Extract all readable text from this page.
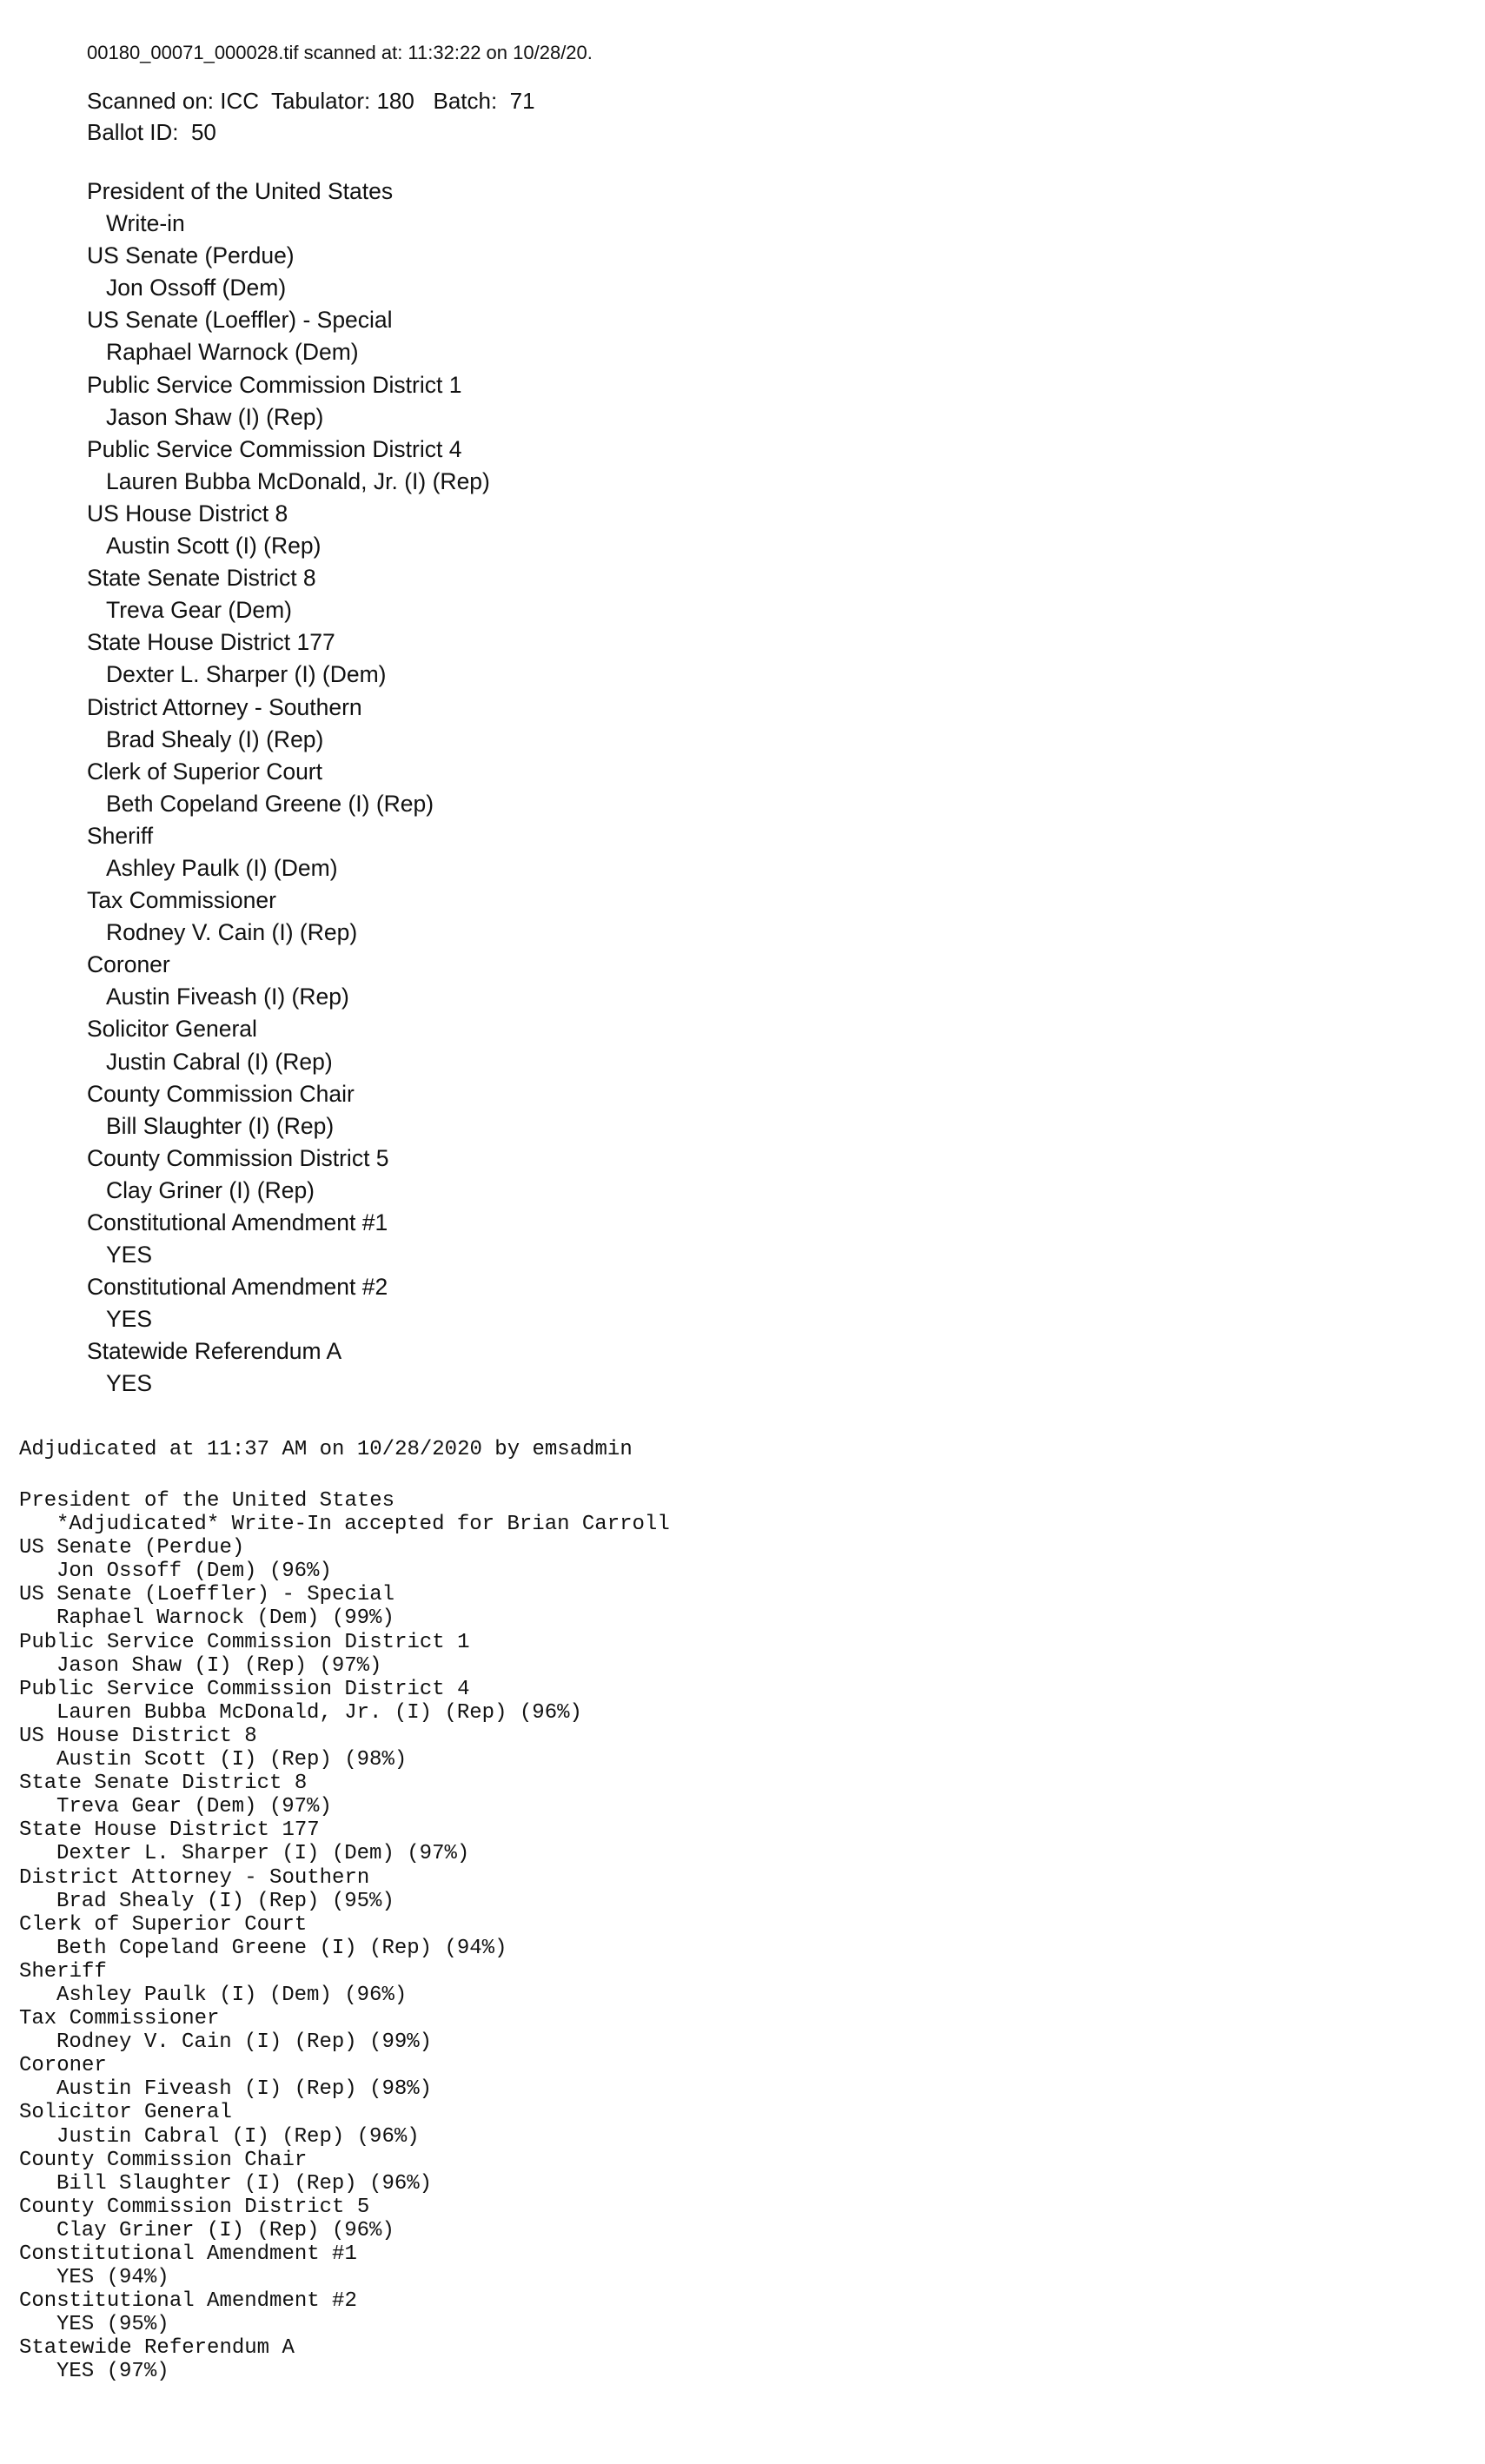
00180_00071_000028.tif scanned at: 11:32:22 on 10/28/20.

Scanned on: ICC Tabulator: 180 Batch: 71
Ballot ID: 50
President of the United States
Write-in
US Senate (Perdue)
Jon Ossoff (Dem)
US Senate (Loeffler) - Special
Raphael Warnock (Dem)
Public Service Commission District 1
Jason Shaw (I) (Rep)
Public Service Commission District 4
Lauren Bubba McDonald, Jr. (I) (Rep)
US House District 8
Austin Scott (I) (Rep)
State Senate District 8
Treva Gear (Dem)
State House District 177
Dexter L. Sharper (I) (Dem)
District Attorney - Southern
Brad Shealy (I) (Rep)
Clerk of Superior Court
Beth Copeland Greene (I) (Rep)
Sheriff
Ashley Paulk (I) (Dem)
Tax Commissioner
Rodney V. Cain (I) (Rep)
Coroner
Austin Fiveash (I) (Rep)
Solicitor General
Justin Cabral (I) (Rep)
County Commission Chair
Bill Slaughter (I) (Rep)
County Commission District 5
Clay Griner (I) (Rep)
Constitutional Amendment #1
YES
Constitutional Amendment #2
YES
Statewide Referendum A
YES

Adjudicated at 11:37 AM on 10/28/2020 by emsadmin

President of the United States
*Adjudicated* Write-In accepted for Brian Carroll
US Senate (Perdue)
Jon Ossoff (Dem) (96%)
US Senate (Loeffler) - Special
Raphael Warnock (Dem) (99%)
Public Service Commission District 1
Jason Shaw (I) (Rep) (97%)
Public Service Commission District 4
Lauren Bubba McDonald, Jr. (I) (Rep) (96%)
US House District 8
Austin Scott (I) (Rep) (98%)
State Senate District 8
Treva Gear (Dem) (97%)
State House District 177
Dexter L. Sharper (I) (Dem) (97%)
District Attorney - Southern
Brad Shealy (I) (Rep) (95%)
Clerk of Superior Court
Beth Copeland Greene (I) (Rep) (94%)
Sheriff
Ashley Paulk (I) (Dem) (96%)
Tax Commissioner
Rodney V. Cain (I) (Rep) (99%)
Coroner
Austin Fiveash (I) (Rep) (98%)
Solicitor General
Justin Cabral (I) (Rep) (96%)
County Commission Chair
Bill Slaughter (I) (Rep) (96%)
County Commission District 5
Clay Griner (I) (Rep) (96%)
Constitutional Amendment #1
YES (94%)
Constitutional Amendment #2
YES (95%)
Statewide Referendum A
YES (97%)
